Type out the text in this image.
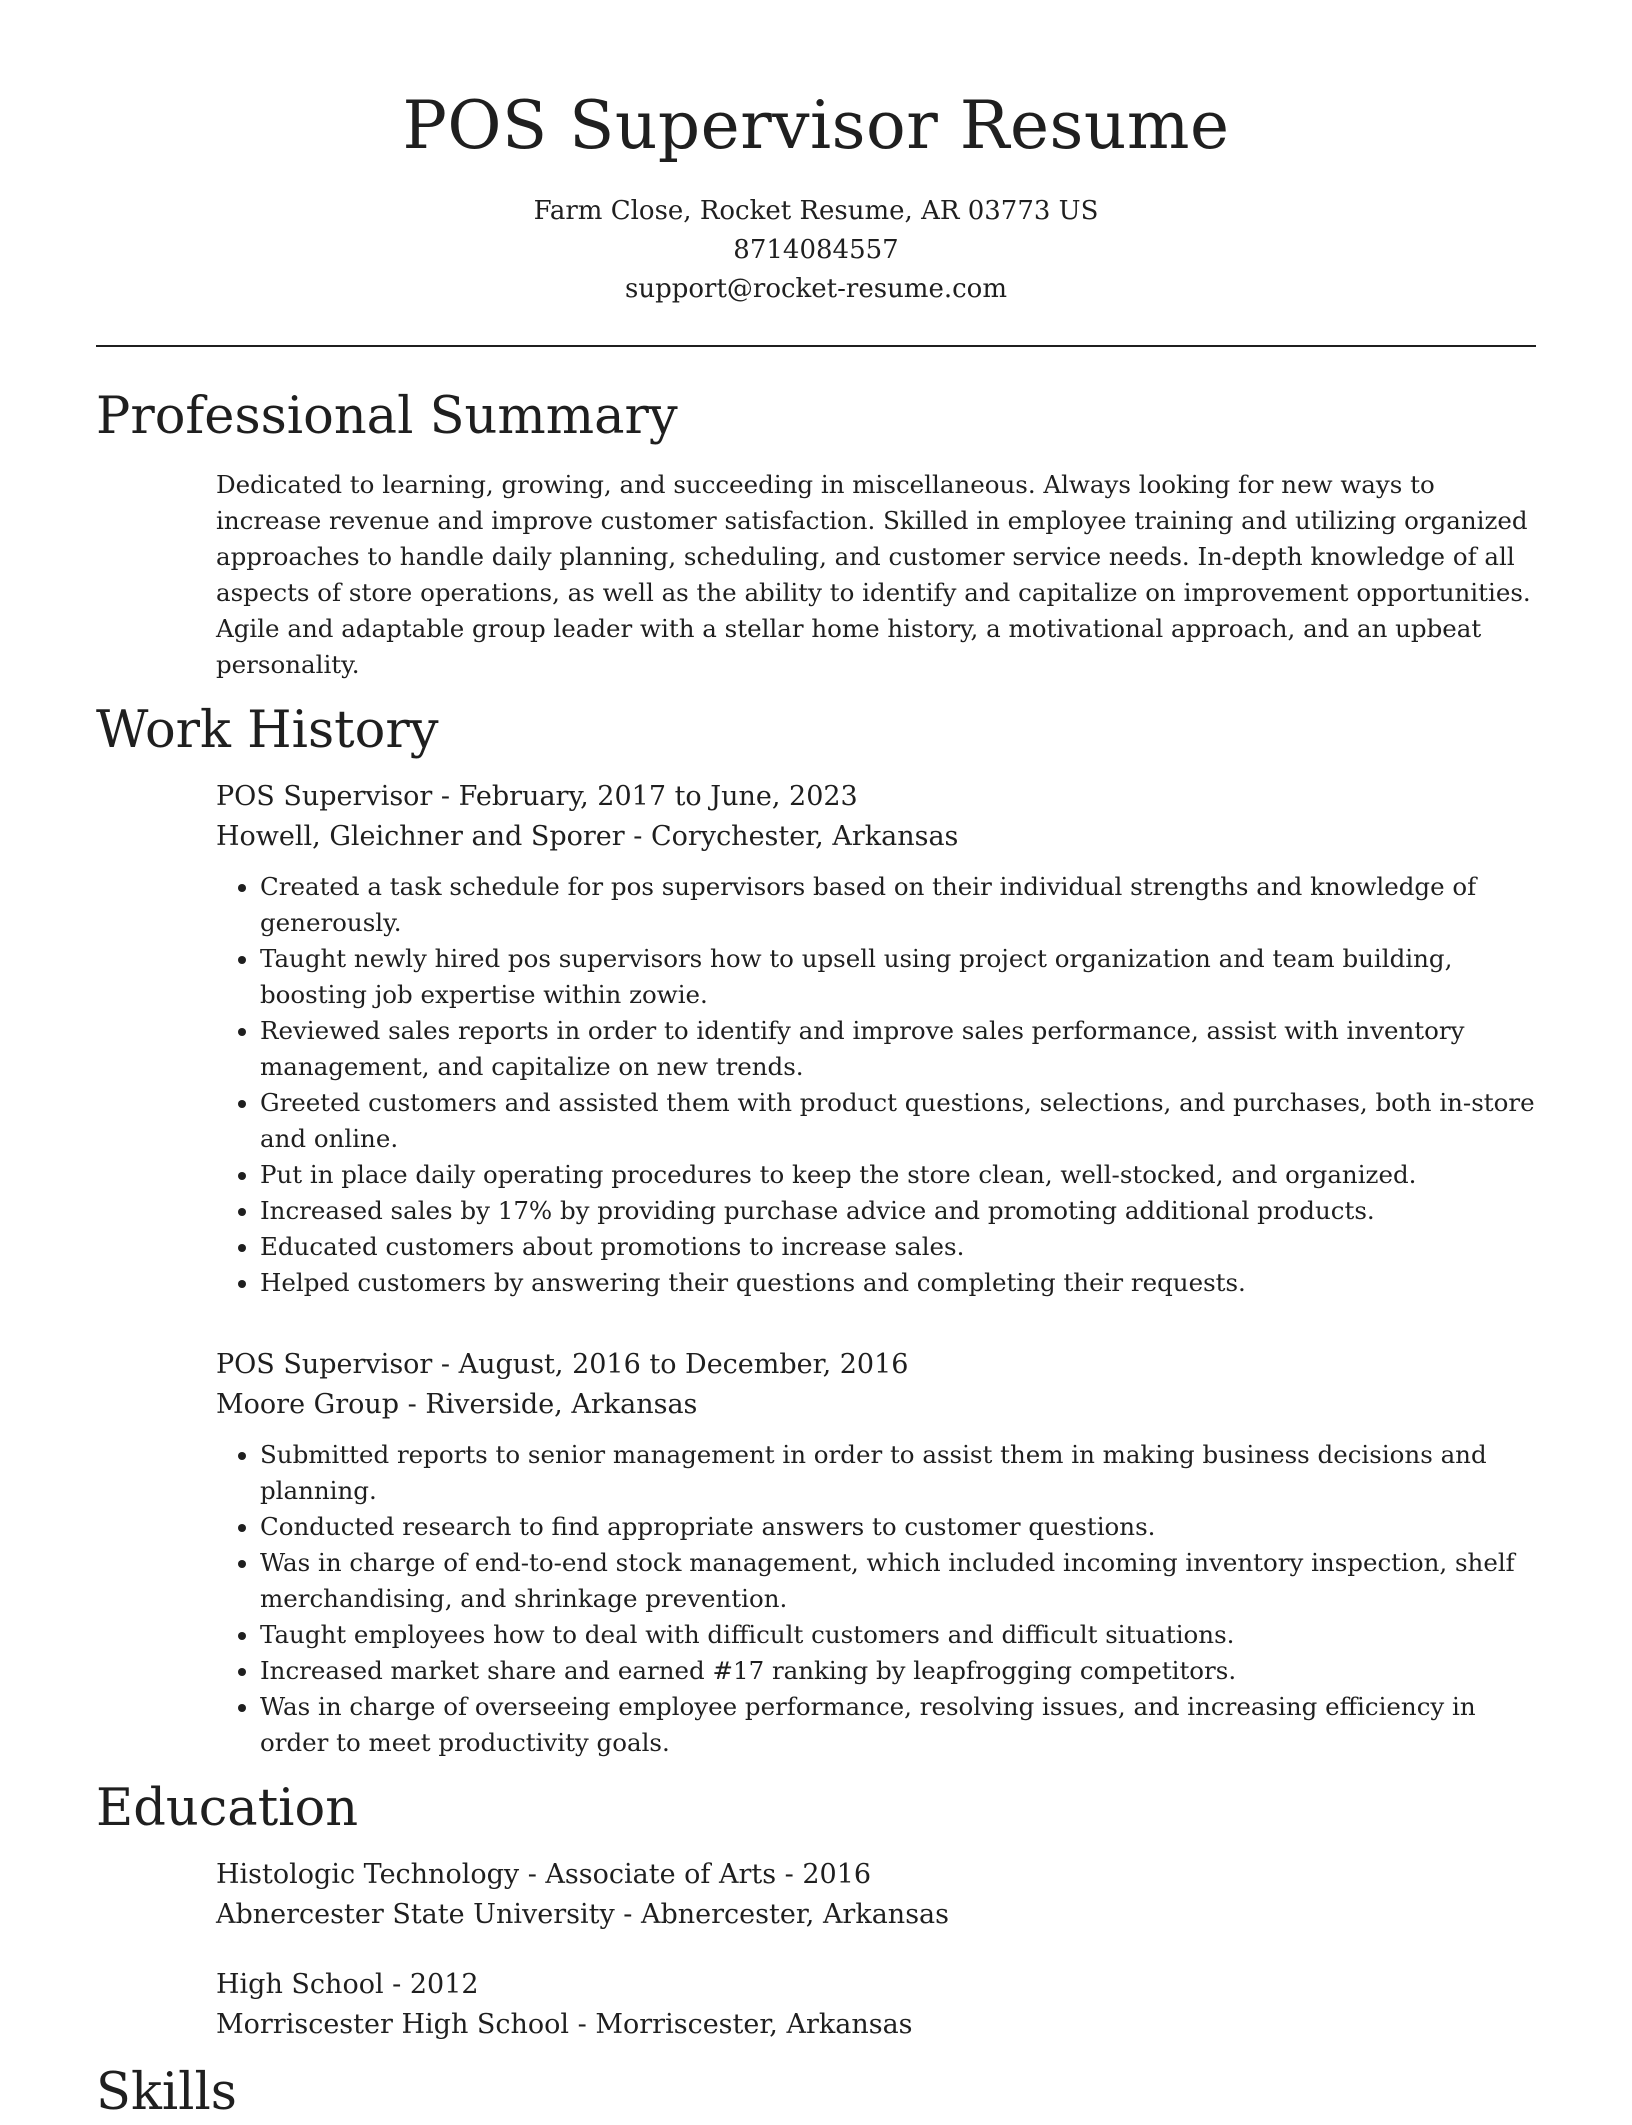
POS Supervisor Resume

Farm Close, Rocket Resume, AR 03773 US

8714084557

support@rocket-resume.com

Professional Summary

Dedicated to learning, growing, and succeeding in miscellaneous. Always looking for new ways to increase revenue and improve customer satisfaction. Skilled in employee training and utilizing organized approaches to handle daily planning, scheduling, and customer service needs. In-depth knowledge of all aspects of store operations, as well as the ability to identify and capitalize on improvement opportunities. Agile and adaptable group leader with a stellar home history, a motivational approach, and an upbeat personality.

Work History

POS Supervisor - February, 2017 to June, 2023

Howell, Gleichner and Sporer - Corychester, Arkansas

• Created a task schedule for pos supervisors based on their individual strengths and knowledge of generously.
• Taught newly hired pos supervisors how to upsell using project organization and team building, boosting job expertise within zowie.
• Reviewed sales reports in order to identify and improve sales performance, assist with inventory management, and capitalize on new trends.
• Greeted customers and assisted them with product questions, selections, and purchases, both in-store and online.
• Put in place daily operating procedures to keep the store clean, well-stocked, and organized.
• Increased sales by 17% by providing purchase advice and promoting additional products.
• Educated customers about promotions to increase sales.
• Helped customers by answering their questions and completing their requests.

POS Supervisor - August, 2016 to December, 2016

Moore Group - Riverside, Arkansas

• Submitted reports to senior management in order to assist them in making business decisions and planning.
• Conducted research to find appropriate answers to customer questions.
• Was in charge of end-to-end stock management, which included incoming inventory inspection, shelf merchandising, and shrinkage prevention.
• Taught employees how to deal with difficult customers and difficult situations.
• Increased market share and earned #17 ranking by leapfrogging competitors.
• Was in charge of overseeing employee performance, resolving issues, and increasing efficiency in order to meet productivity goals.
Education

Histologic Technology - Associate of Arts - 2016

Abnercester State University - Abnercester, Arkansas

High School - 2012

Morriscester High School - Morriscester, Arkansas

Skills
